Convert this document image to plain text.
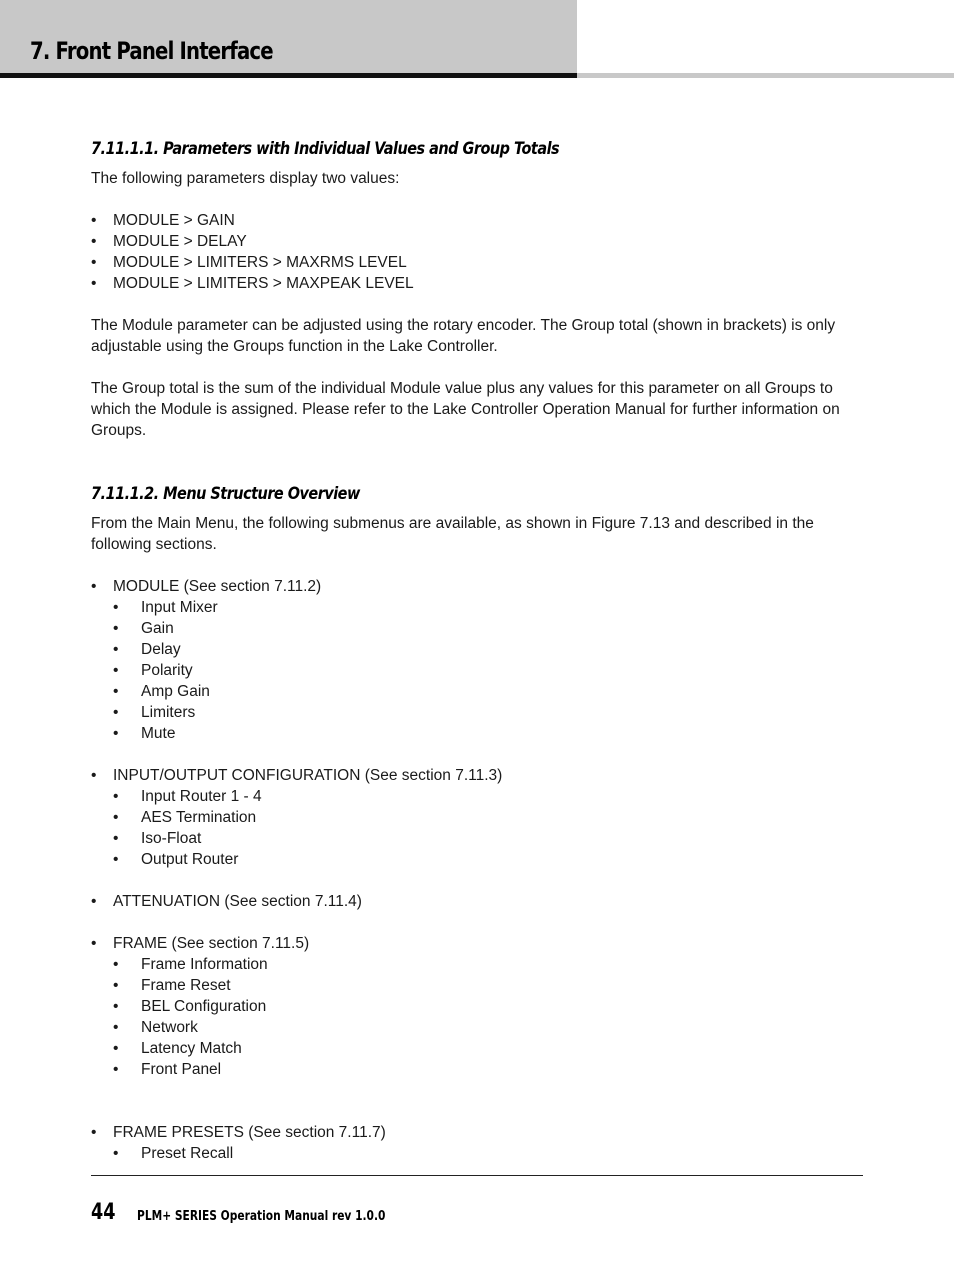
7. Front Panel Interface
7.11.1.1. Parameters with Individual Values and Group Totals

The following parameters display two values:

• MODULE > GAIN
• MODULE > DELAY
• MODULE > LIMITERS > MAXRMS LEVEL
• MODULE > LIMITERS > MAXPEAK LEVEL

The Module parameter can be adjusted using the rotary encoder. The Group total (shown in brackets) is only adjustable using the Groups function in the Lake Controller.

The Group total is the sum of the individual Module value plus any values for this parameter on all Groups to which the Module is assigned. Please refer to the Lake Controller Operation Manual for further information on Groups.

7.11.1.2. Menu Structure Overview

From the Main Menu, the following submenus are available, as shown in Figure 7.13 and described in the following sections.

• MODULE (See section 7.11.2)
• Input Mixer
• Gain
• Delay
• Polarity
• Amp Gain
• Limiters
• Mute
• INPUT/OUTPUT CONFIGURATION (See section 7.11.3)
• Input Router 1 - 4
• AES Termination
• Iso-Float
• Output Router
• ATTENUATION (See section 7.11.4)
• FRAME (See section 7.11.5)
• Frame Information
• Frame Reset
• BEL Configuration
• Network
• Latency Match
• Front Panel
• FRAME PRESETS (See section 7.11.7)
• Preset Recall
44 PLM+ SERIES Operation Manual rev 1.0.0
